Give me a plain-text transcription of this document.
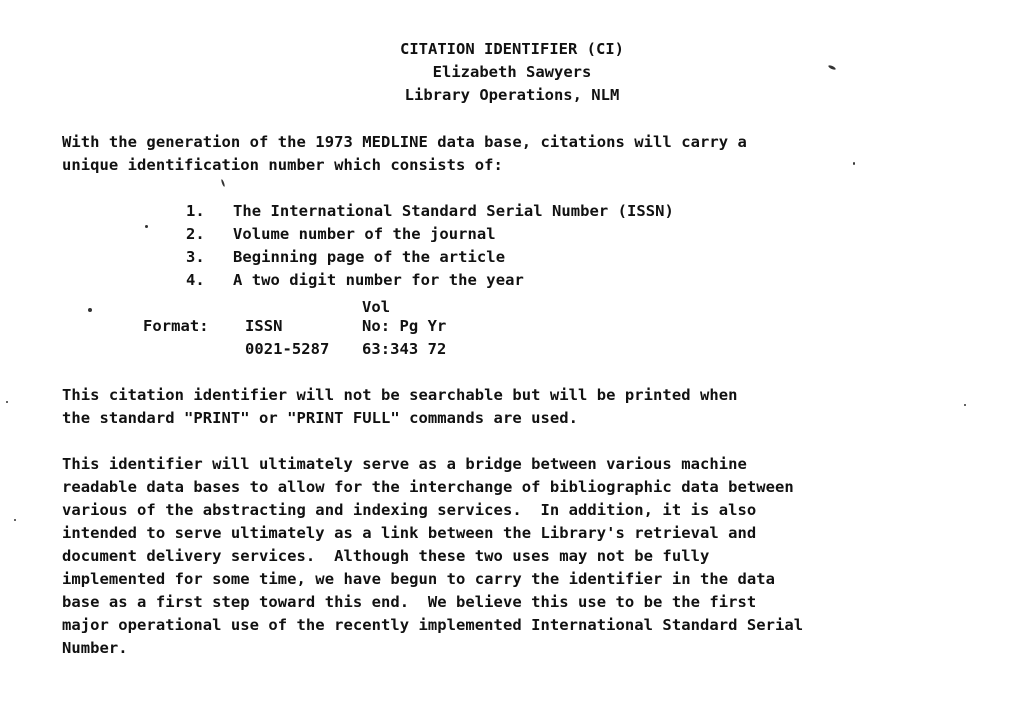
CITATION IDENTIFIER (CI)
Elizabeth Sawyers
Library Operations, NLM
With the generation of the 1973 MEDLINE data base, citations will carry a
unique identification number which consists of:
1. The International Standard Serial Number (ISSN)
2. Volume number of the journal
3. Beginning page of the article
4. A two digit number for the year
Vol
Format: ISSN	No: Pg Yr
0021-5287 63:343 72
This citation identifier will not be searchable but will be printed when
the standard "PRINT" or "PRINT FULL" commands are used.
This identifier will ultimately serve as a bridge between various machine
readable data bases to allow for the interchange of bibliographic data between
various of the abstracting and indexing services.  In addition, it is also
intended to serve ultimately as a link between the Library's retrieval and
document delivery services.  Although these two uses may not be fully
implemented for some time, we have begun to carry the identifier in the data
base as a first step toward this end.  We believe this use to be the first
major operational use of the recently implemented International Standard Serial
Number.
